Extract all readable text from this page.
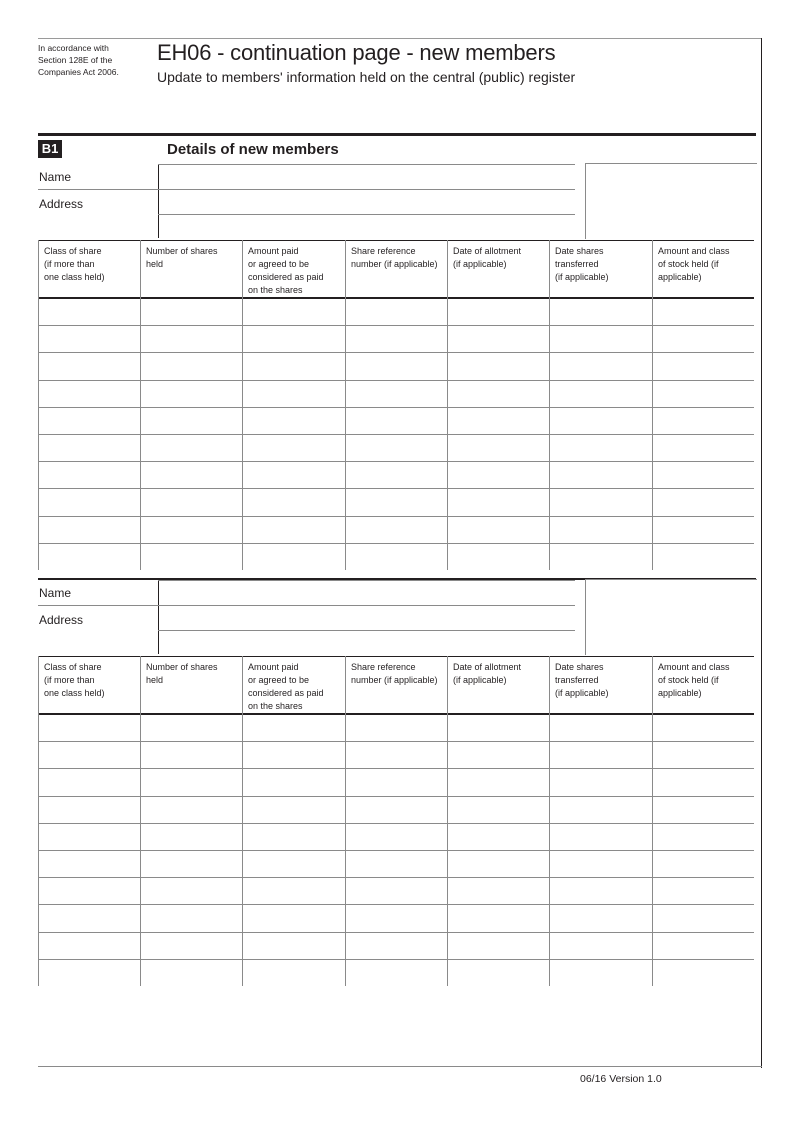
In accordance with
Section 128E of the
Companies Act 2006.
EH06 - continuation page - new members
Update to members' information held on the central (public) register
B1	Details of new members
Name
Address
Class of share
(if more than
one class held)
Number of shares
held
Amount paid
or agreed to be
considered as paid
on the shares
Share reference
number (if applicable)
Date of allotment
(if applicable)
Date shares
transferred
(if applicable)
Amount and class
of stock held (if
applicable)
Name
Address
Class of share
(if more than
one class held)
Number of shares
held
Amount paid
or agreed to be
considered as paid
on the shares
Share reference
number (if applicable)
Date of allotment
(if applicable)
Date shares
transferred
(if applicable)
Amount and class
of stock held (if
applicable)
06/16 Version 1.0
